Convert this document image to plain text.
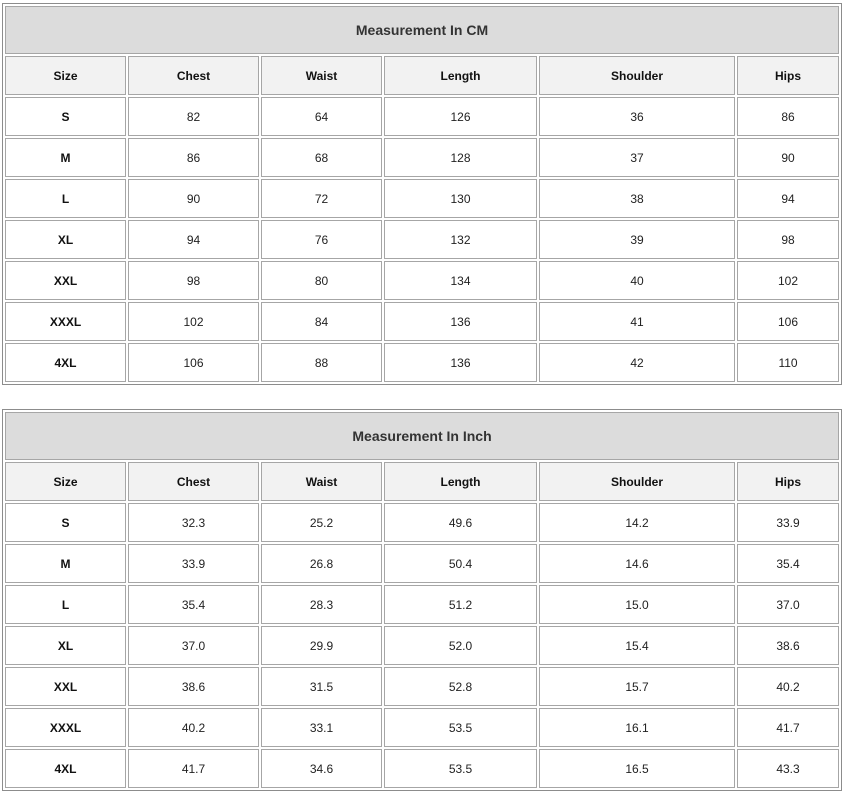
Measurement In CM					
Size	Chest	Waist	Length	Shoulder	Hips
S	82	64	126	36	86
M	86	68	128	37	90
L	90	72	130	38	94
XL	94	76	132	39	98
XXL	98	80	134	40	102
XXXL	102	84	136	41	106
4XL	106	88	136	42	110
Measurement In Inch					
Size	Chest	Waist	Length	Shoulder	Hips
S	32.3	25.2	49.6	14.2	33.9
M	33.9	26.8	50.4	14.6	35.4
L	35.4	28.3	51.2	15.0	37.0
XL	37.0	29.9	52.0	15.4	38.6
XXL	38.6	31.5	52.8	15.7	40.2
XXXL	40.2	33.1	53.5	16.1	41.7
4XL	41.7	34.6	53.5	16.5	43.3
